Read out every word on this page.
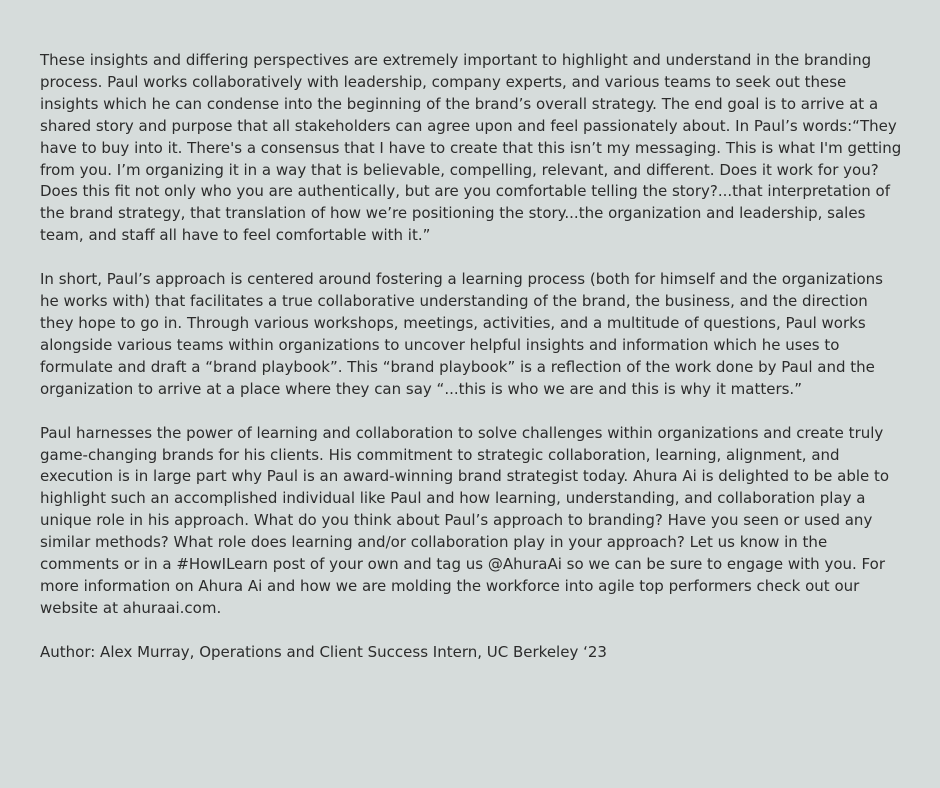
These insights and differing perspectives are extremely important to highlight and understand in the branding process. Paul works collaboratively with leadership, company experts, and various teams to seek out these insights which he can condense into the beginning of the brand’s overall strategy. The end goal is to arrive at a shared story and purpose that all stakeholders can agree upon and feel passionately about. In Paul’s words:“They have to buy into it. There's a consensus that I have to create that this isn’t my messaging. This is what I'm getting from you. I’m organizing it in a way that is believable, compelling, relevant, and different. Does it work for you? Does this fit not only who you are authentically, but are you comfortable telling the story?...that interpretation of the brand strategy, that translation of how we’re positioning the story...the organization and leadership, sales team, and staff all have to feel comfortable with it.”

In short, Paul’s approach is centered around fostering a learning process (both for himself and the organizations he works with) that facilitates a true collaborative understanding of the brand, the business, and the direction they hope to go in. Through various workshops, meetings, activities, and a multitude of questions, Paul works alongside various teams within organizations to uncover helpful insights and information which he uses to formulate and draft a “brand playbook”. This “brand playbook” is a reflection of the work done by Paul and the organization to arrive at a place where they can say “...this is who we are and this is why it matters.”

Paul harnesses the power of learning and collaboration to solve challenges within organizations and create truly game-changing brands for his clients. His commitment to strategic collaboration, learning, alignment, and execution is in large part why Paul is an award-winning brand strategist today. Ahura Ai is delighted to be able to highlight such an accomplished individual like Paul and how learning, understanding, and collaboration play a unique role in his approach. What do you think about Paul’s approach to branding? Have you seen or used any similar methods? What role does learning and/or collaboration play in your approach? Let us know in the comments or in a #HowILearn post of your own and tag us @AhuraAi so we can be sure to engage with you. For more information on Ahura Ai and how we are molding the workforce into agile top performers check out our website at ahuraai.com.

Author: Alex Murray, Operations and Client Success Intern, UC Berkeley ‘23
